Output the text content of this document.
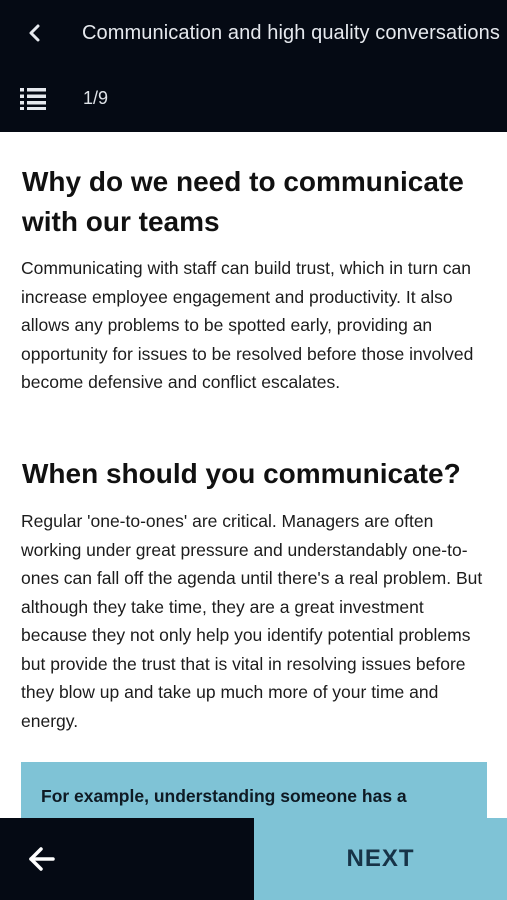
Communication and high quality conversations
1/9
Why do we need to communicate with our teams

Communicating with staff can build trust, which in turn can increase employee engagement and productivity. It also allows any problems to be spotted early, providing an opportunity for issues to be resolved before those involved become defensive and conflict escalates.

When should you communicate?

Regular 'one-to-ones' are critical. Managers are often working under great pressure and understandably one-to-ones can fall off the agenda until there's a real problem. But although they take time, they are a great investment because they not only help you identify potential problems but provide the trust that is vital in resolving issues before they blow up and take up much more of your time and energy.

For example, understanding someone has a
NEXT
